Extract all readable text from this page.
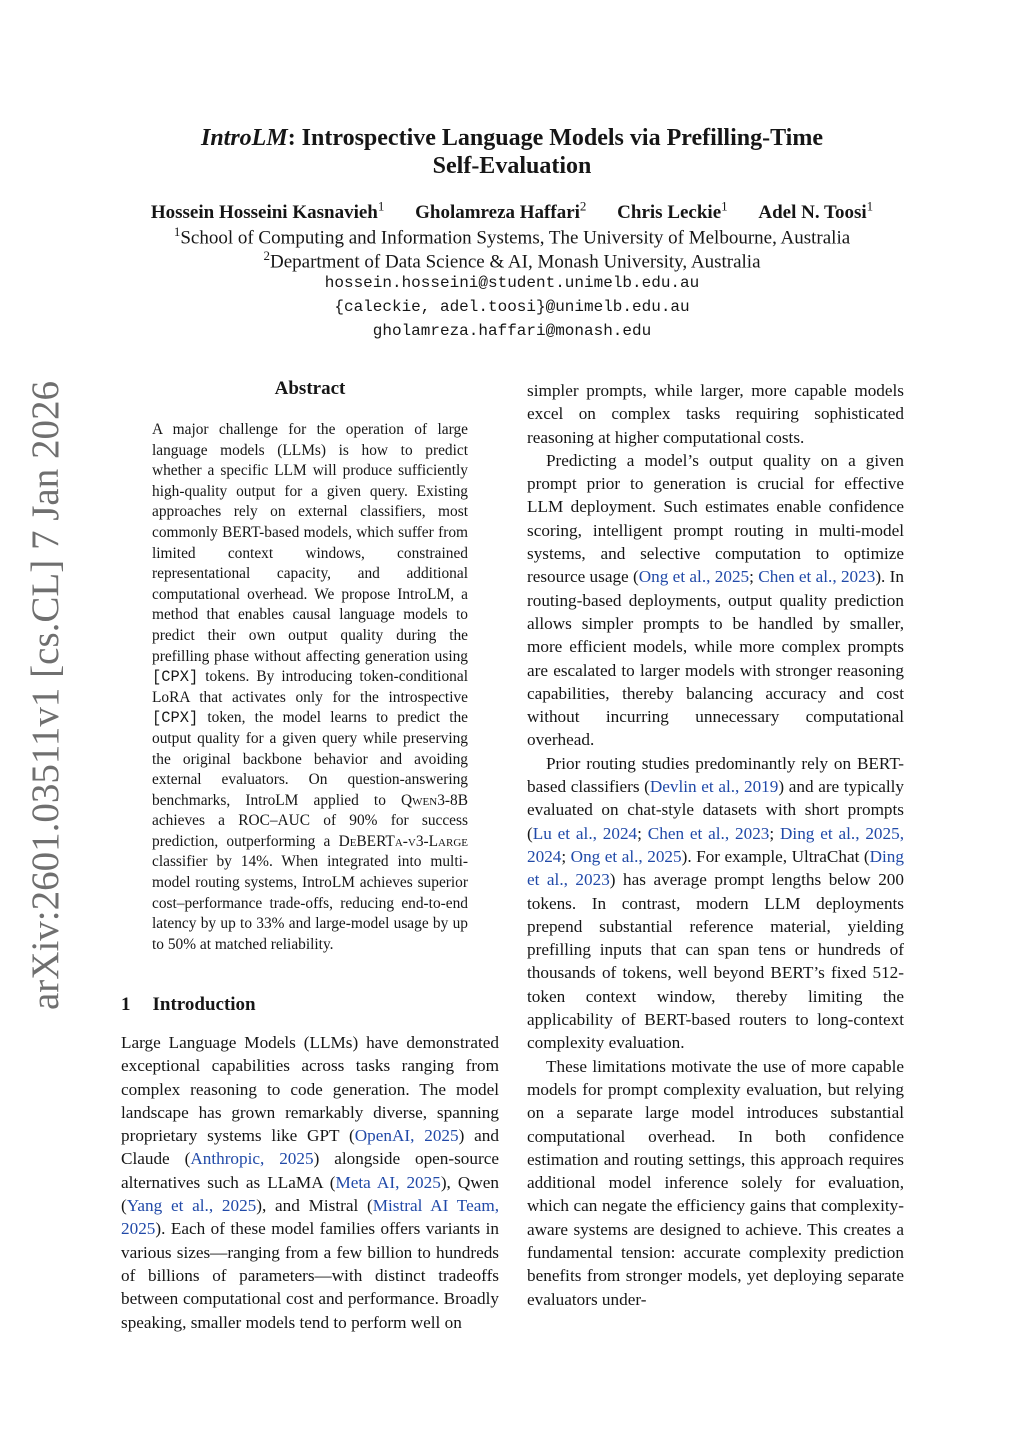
arXiv:2601.03511v1 [cs.CL] 7 Jan 2026
IntroLM: Introspective Language Models via Prefilling-Time
Self-Evaluation
Hossein Hosseini Kasnavieh$^1$ Gholamreza Haffari$^2$ Chris Leckie$^1$ Adel N. Toosi$^1$
$^1$School of Computing and Information Systems, The University of Melbourne, Australia
$^2$Department of Data Science & AI, Monash University, Australia
hossein.hosseini@student.unimelb.edu.au
{caleckie, adel.toosi}@unimelb.edu.au
gholamreza.haffari@monash.edu
Abstract

A major challenge for the operation of large language models (LLMs) is how to predict whether a specific LLM will produce sufficiently high-quality output for a given query. Existing approaches rely on external classifiers, most commonly BERT-based models, which suffer from limited context windows, constrained representational capacity, and additional computational overhead. We propose IntroLM, a method that enables causal language models to predict their own output quality during the prefilling phase without affecting generation using [CPX] tokens. By introducing token-conditional LoRA that activates only for the introspective [CPX] token, the model learns to predict the output quality for a given query while preserving the original backbone behavior and avoiding external evaluators. On question-answering benchmarks, IntroLM applied to Qwen3-8B achieves a ROC–AUC of 90% for success prediction, outperforming a DeBERTa-v3-Large classifier by 14%. When integrated into multi-model routing systems, IntroLM achieves superior cost–performance trade-offs, reducing end-to-end latency by up to 33% and large-model usage by up to 50% at matched reliability.

1 Introduction

Large Language Models (LLMs) have demonstrated exceptional capabilities across tasks ranging from complex reasoning to code generation. The model landscape has grown remarkably diverse, spanning proprietary systems like GPT (OpenAI, 2025) and Claude (Anthropic, 2025) alongside open-source alternatives such as LLaMA (Meta AI, 2025), Qwen (Yang et al., 2025), and Mistral (Mistral AI Team, 2025). Each of these model families offers variants in various sizes—ranging from a few billion to hundreds of billions of parameters—with distinct tradeoffs between computational cost and performance. Broadly speaking, smaller models tend to perform well on

simpler prompts, while larger, more capable models excel on complex tasks requiring sophisticated reasoning at higher computational costs.

Predicting a model’s output quality on a given prompt prior to generation is crucial for effective LLM deployment. Such estimates enable confidence scoring, intelligent prompt routing in multi-model systems, and selective computation to optimize resource usage (Ong et al., 2025; Chen et al., 2023). In routing-based deployments, output quality prediction allows simpler prompts to be handled by smaller, more efficient models, while more complex prompts are escalated to larger models with stronger reasoning capabilities, thereby balancing accuracy and cost without incurring unnecessary computational overhead.

Prior routing studies predominantly rely on BERT-based classifiers (Devlin et al., 2019) and are typically evaluated on chat-style datasets with short prompts (Lu et al., 2024; Chen et al., 2023; Ding et al., 2025, 2024; Ong et al., 2025). For example, UltraChat (Ding et al., 2023) has average prompt lengths below 200 tokens. In contrast, modern LLM deployments prepend substantial reference material, yielding prefilling inputs that can span tens or hundreds of thousands of tokens, well beyond BERT’s fixed 512-token context window, thereby limiting the applicability of BERT-based routers to long-context complexity evaluation.

These limitations motivate the use of more capable models for prompt complexity evaluation, but relying on a separate large model introduces substantial computational overhead. In both confidence estimation and routing settings, this approach requires additional model inference solely for evaluation, which can negate the efficiency gains that complexity-aware systems are designed to achieve. This creates a fundamental tension: accurate complexity prediction benefits from stronger models, yet deploying separate evaluators under-
